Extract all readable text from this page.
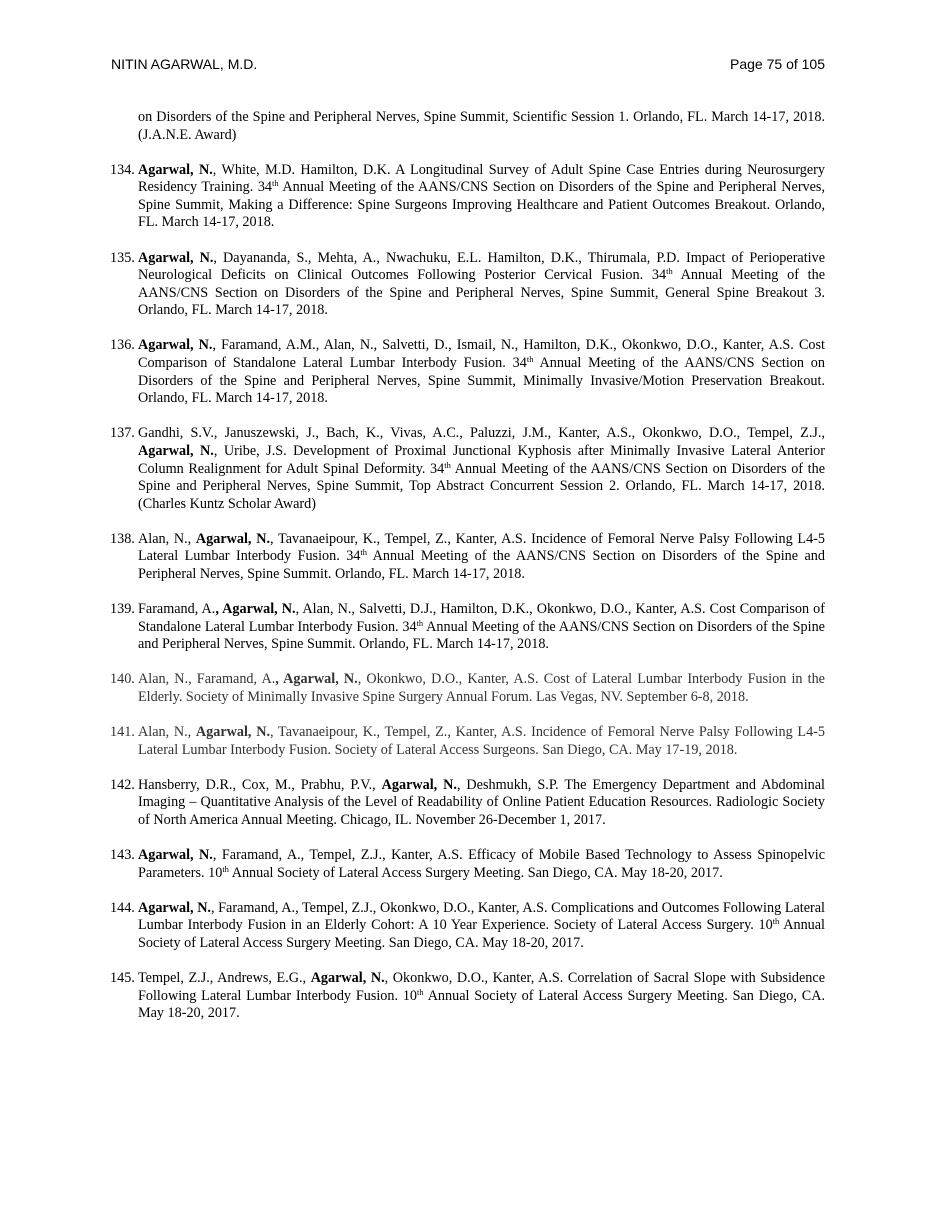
NITIN AGARWAL, M.D.	Page 75 of 105
on Disorders of the Spine and Peripheral Nerves, Spine Summit, Scientific Session 1. Orlando, FL. March 14-17, 2018. (J.A.N.E. Award)
134. Agarwal, N., White, M.D. Hamilton, D.K. A Longitudinal Survey of Adult Spine Case Entries during Neurosurgery Residency Training. 34th Annual Meeting of the AANS/CNS Section on Disorders of the Spine and Peripheral Nerves, Spine Summit, Making a Difference: Spine Surgeons Improving Healthcare and Patient Outcomes Breakout. Orlando, FL. March 14-17, 2018.
135. Agarwal, N., Dayananda, S., Mehta, A., Nwachuku, E.L. Hamilton, D.K., Thirumala, P.D. Impact of Perioperative Neurological Deficits on Clinical Outcomes Following Posterior Cervical Fusion. 34th Annual Meeting of the AANS/CNS Section on Disorders of the Spine and Peripheral Nerves, Spine Summit, General Spine Breakout 3. Orlando, FL. March 14-17, 2018.
136. Agarwal, N., Faramand, A.M., Alan, N., Salvetti, D., Ismail, N., Hamilton, D.K., Okonkwo, D.O., Kanter, A.S. Cost Comparison of Standalone Lateral Lumbar Interbody Fusion. 34th Annual Meeting of the AANS/CNS Section on Disorders of the Spine and Peripheral Nerves, Spine Summit, Minimally Invasive/Motion Preservation Breakout. Orlando, FL. March 14-17, 2018.
137. Gandhi, S.V., Januszewski, J., Bach, K., Vivas, A.C., Paluzzi, J.M., Kanter, A.S., Okonkwo, D.O., Tempel, Z.J., Agarwal, N., Uribe, J.S. Development of Proximal Junctional Kyphosis after Minimally Invasive Lateral Anterior Column Realignment for Adult Spinal Deformity. 34th Annual Meeting of the AANS/CNS Section on Disorders of the Spine and Peripheral Nerves, Spine Summit, Top Abstract Concurrent Session 2. Orlando, FL. March 14-17, 2018. (Charles Kuntz Scholar Award)
138. Alan, N., Agarwal, N., Tavanaeipour, K., Tempel, Z., Kanter, A.S. Incidence of Femoral Nerve Palsy Following L4-5 Lateral Lumbar Interbody Fusion. 34th Annual Meeting of the AANS/CNS Section on Disorders of the Spine and Peripheral Nerves, Spine Summit. Orlando, FL. March 14-17, 2018.
139. Faramand, A., Agarwal, N., Alan, N., Salvetti, D.J., Hamilton, D.K., Okonkwo, D.O., Kanter, A.S. Cost Comparison of Standalone Lateral Lumbar Interbody Fusion. 34th Annual Meeting of the AANS/CNS Section on Disorders of the Spine and Peripheral Nerves, Spine Summit. Orlando, FL. March 14-17, 2018.
140. Alan, N., Faramand, A., Agarwal, N., Okonkwo, D.O., Kanter, A.S. Cost of Lateral Lumbar Interbody Fusion in the Elderly. Society of Minimally Invasive Spine Surgery Annual Forum. Las Vegas, NV. September 6-8, 2018.
141. Alan, N., Agarwal, N., Tavanaeipour, K., Tempel, Z., Kanter, A.S. Incidence of Femoral Nerve Palsy Following L4-5 Lateral Lumbar Interbody Fusion. Society of Lateral Access Surgeons. San Diego, CA. May 17-19, 2018.
142. Hansberry, D.R., Cox, M., Prabhu, P.V., Agarwal, N., Deshmukh, S.P. The Emergency Department and Abdominal Imaging – Quantitative Analysis of the Level of Readability of Online Patient Education Resources. Radiologic Society of North America Annual Meeting. Chicago, IL. November 26-December 1, 2017.
143. Agarwal, N., Faramand, A., Tempel, Z.J., Kanter, A.S. Efficacy of Mobile Based Technology to Assess Spinopelvic Parameters. 10th Annual Society of Lateral Access Surgery Meeting. San Diego, CA. May 18-20, 2017.
144. Agarwal, N., Faramand, A., Tempel, Z.J., Okonkwo, D.O., Kanter, A.S. Complications and Outcomes Following Lateral Lumbar Interbody Fusion in an Elderly Cohort: A 10 Year Experience. Society of Lateral Access Surgery. 10th Annual Society of Lateral Access Surgery Meeting. San Diego, CA. May 18-20, 2017.
145. Tempel, Z.J., Andrews, E.G., Agarwal, N., Okonkwo, D.O., Kanter, A.S. Correlation of Sacral Slope with Subsidence Following Lateral Lumbar Interbody Fusion. 10th Annual Society of Lateral Access Surgery Meeting. San Diego, CA. May 18-20, 2017.
